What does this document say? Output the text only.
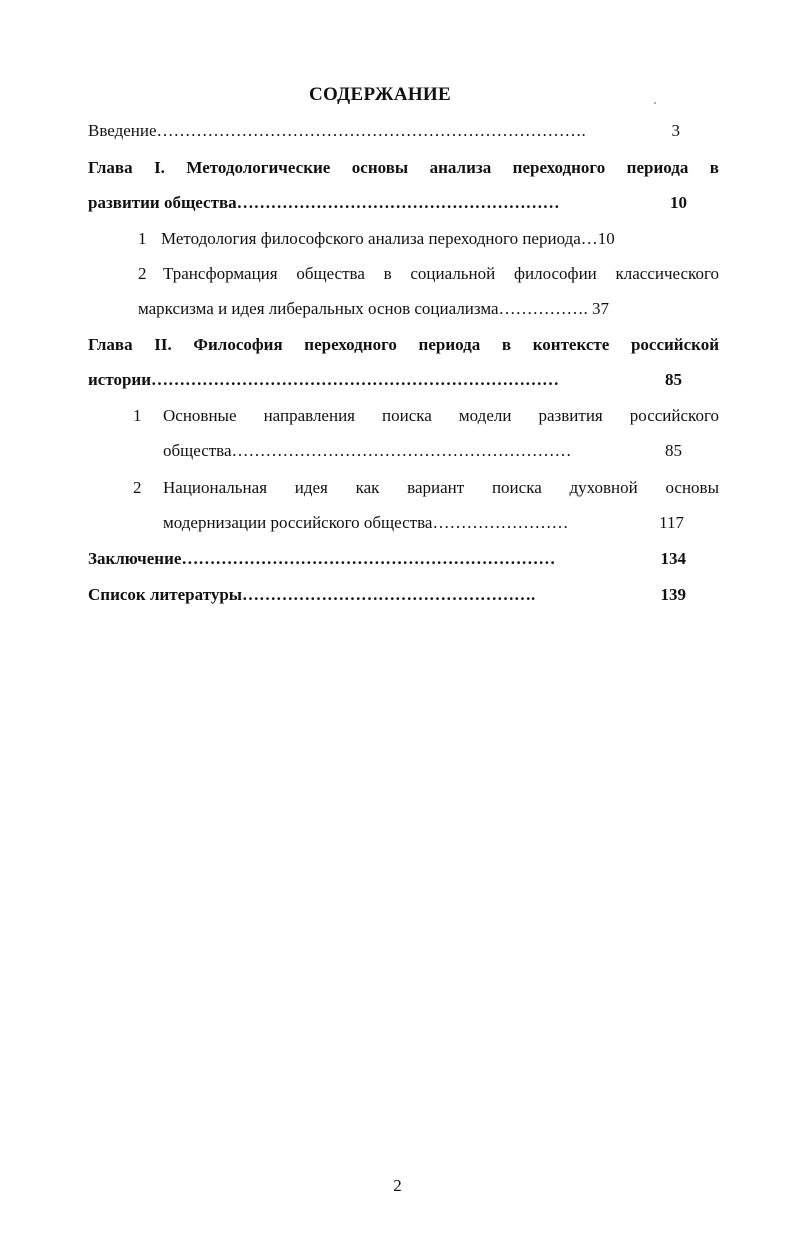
СОДЕРЖАНИЕ
Введение………………………………………………………………….	3
Глава I. Методологические основы анализа переходного периода в
развитии общества…………………………………………………	10
1 Методология философского анализа переходного периода…10
2 Трансформация общества в социальной философии классического
марксизма и идея либеральных основ социализма……………. 37
Глава II. Философия переходного периода в контексте российской
истории………………………………………………………………	85
1 Основные направления поиска модели развития российского
общества……………………………………………………	85
2 Национальная идея как вариант поиска духовной основы
модернизации российского общества……………………	117
Заключение…………………………………………………………	134
Список литературы…………………………………………….	139
2
